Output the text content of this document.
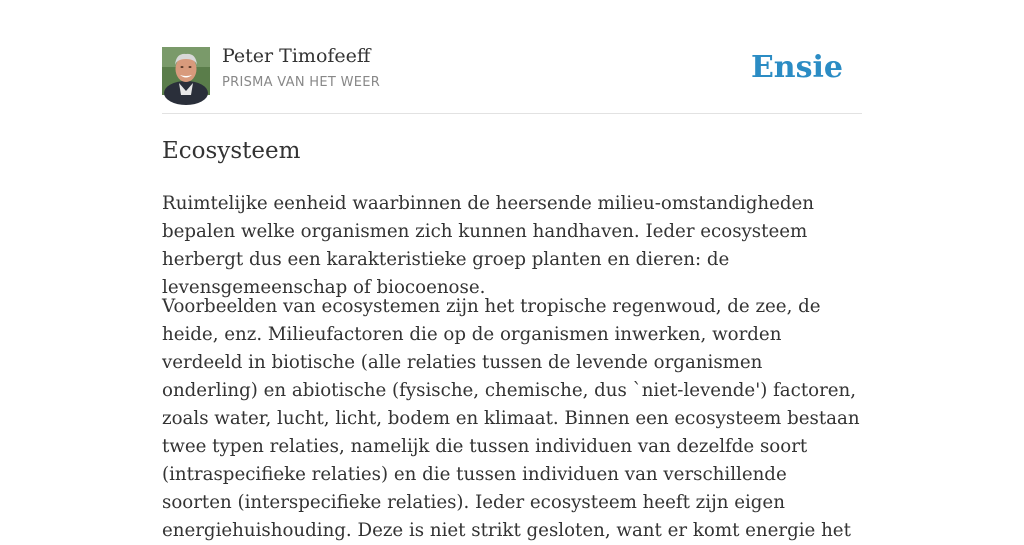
Peter Timofeeff
PRISMA VAN HET WEER	Ensie
Ecosysteem

Ruimtelijke eenheid waarbinnen de heersende milieu-omstandigheden bepalen welke organismen zich kunnen handhaven. Ieder ecosysteem herbergt dus een karakteristieke groep planten en dieren: de levensgemeenschap of biocoenose.

Voorbeelden van ecosystemen zijn het tropische regenwoud, de zee, de heide, enz. Milieufactoren die op de organismen inwerken, worden verdeeld in biotische (alle relaties tussen de levende organismen onderling) en abiotische (fysische, chemische, dus `niet-levende') factoren, zoals water, lucht, licht, bodem en klimaat. Binnen een ecosysteem bestaan twee typen relaties, namelijk die tussen individuen van dezelfde soort (intraspecifieke relaties) en die tussen individuen van verschillende soorten (interspecifieke relaties). Ieder ecosysteem heeft zijn eigen energiehuishouding. Deze is niet strikt gesloten, want er komt energie het
